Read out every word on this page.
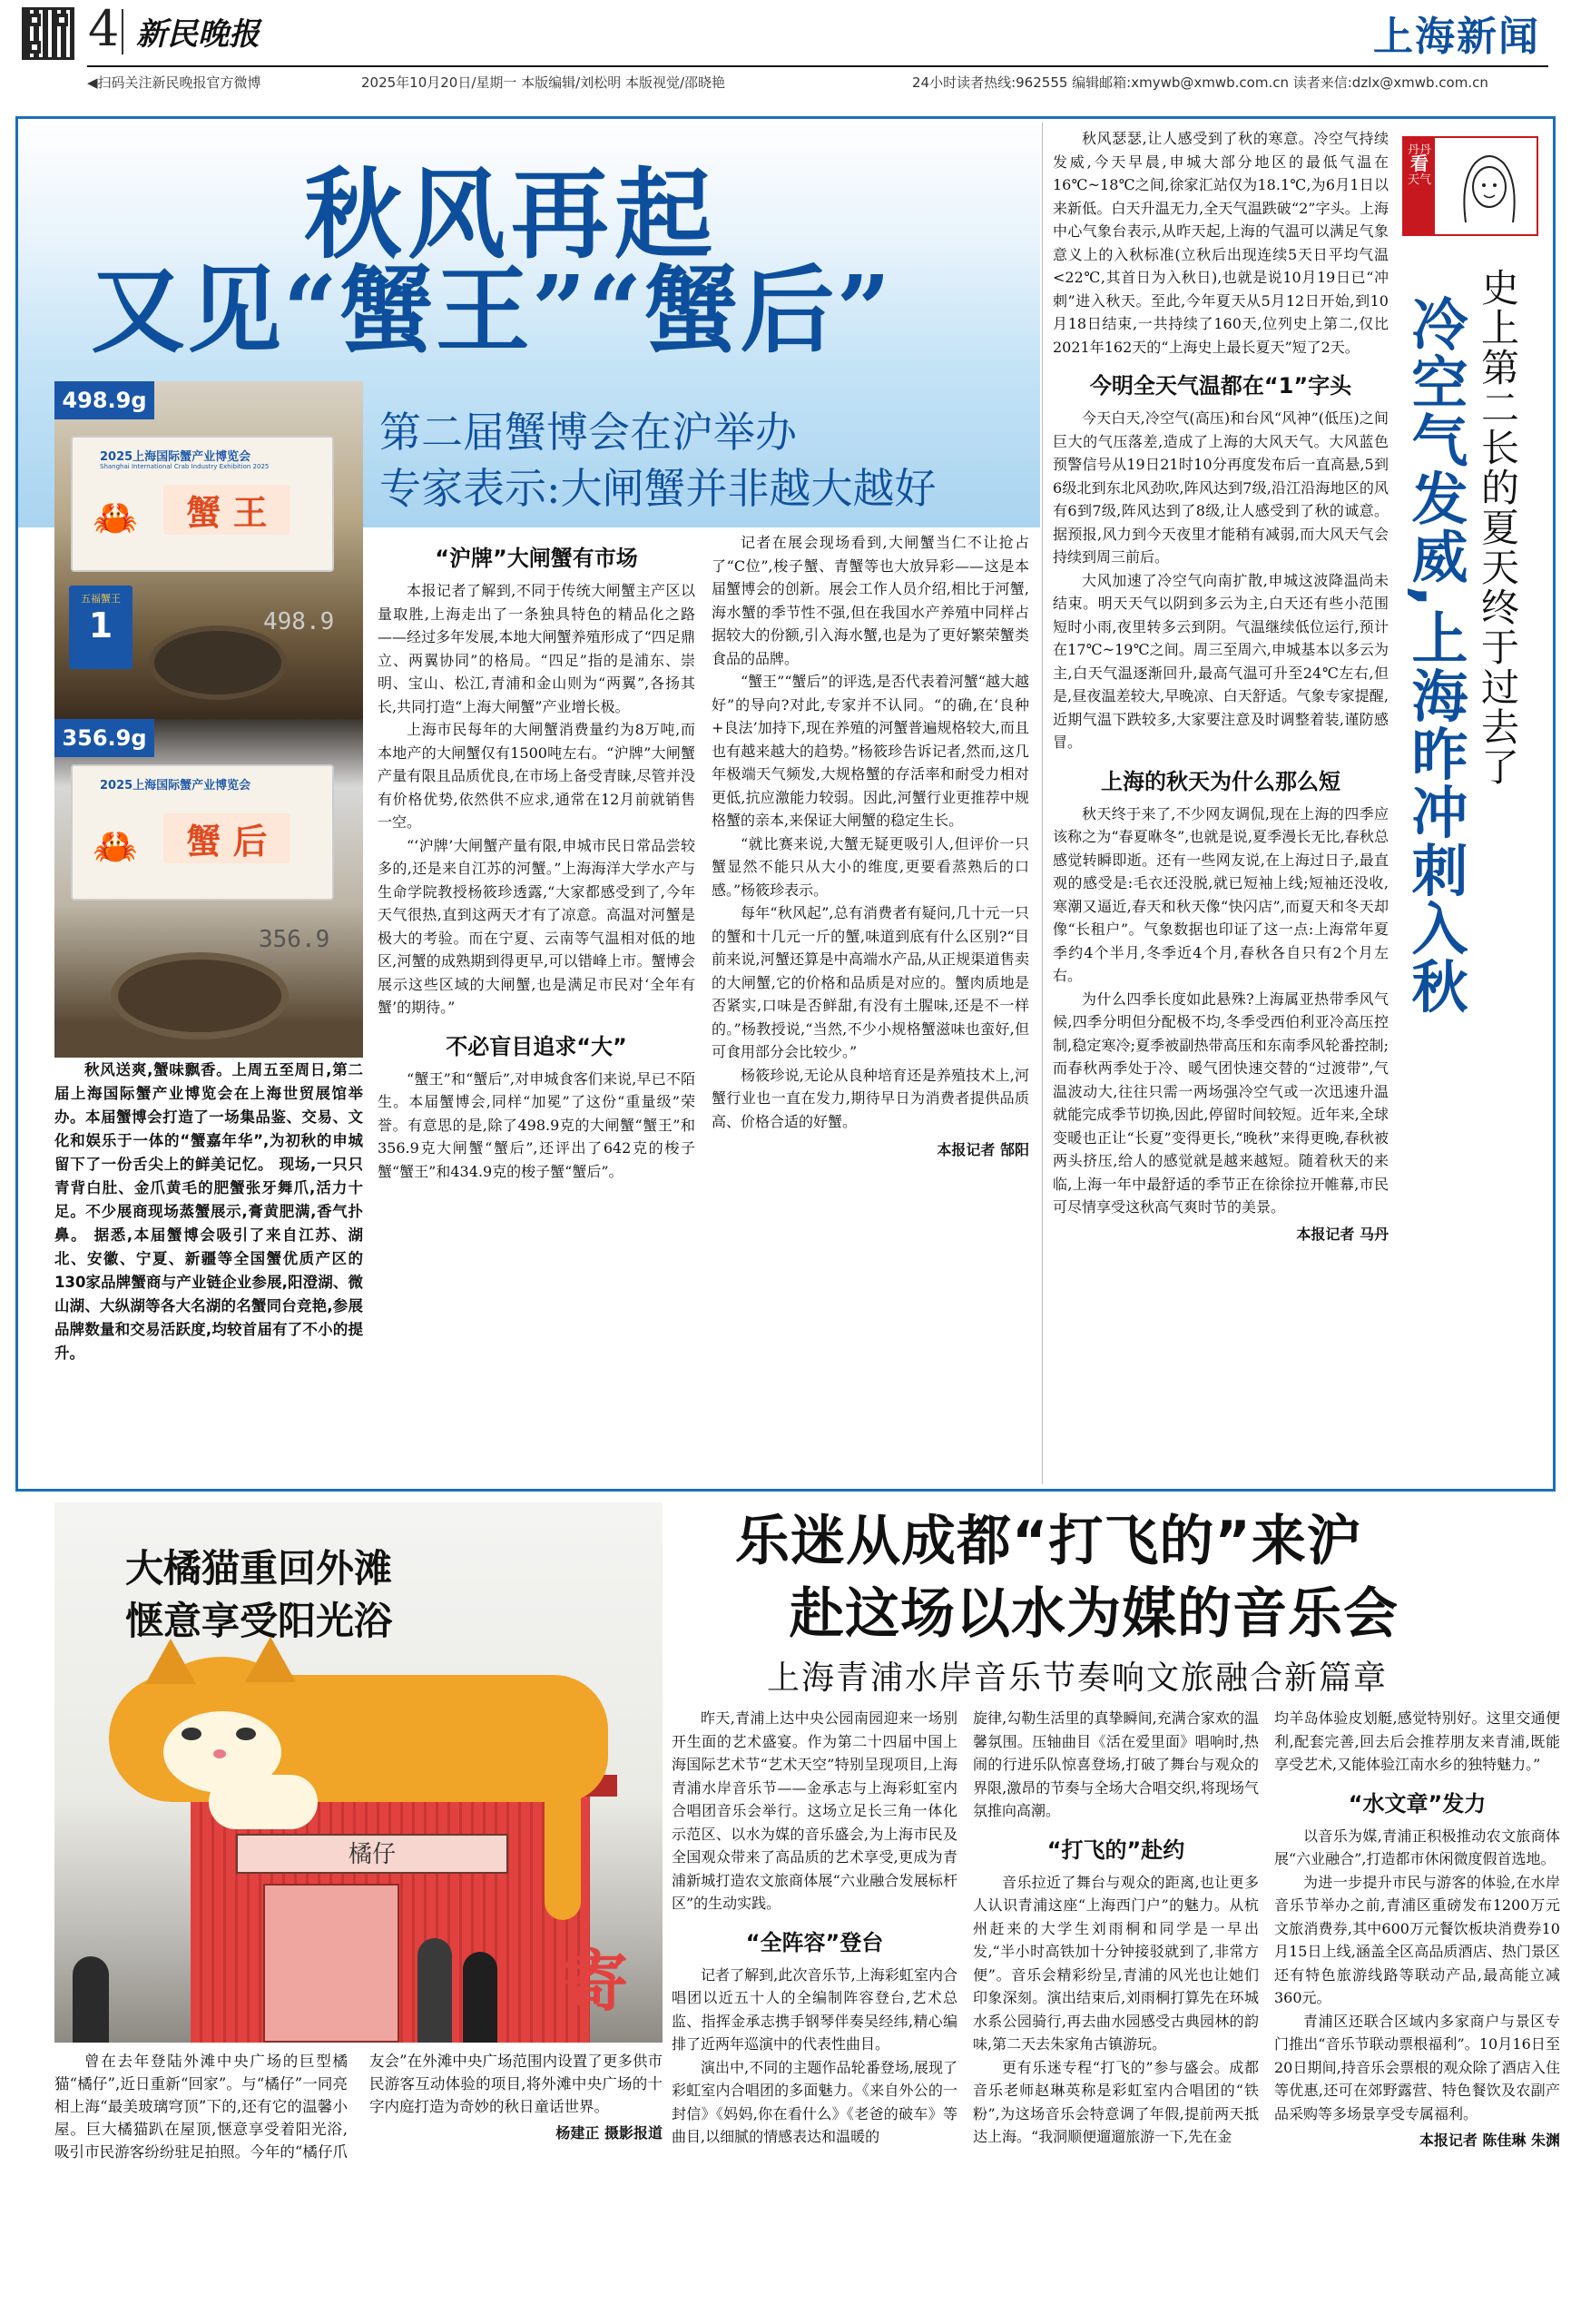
4 新民晚报	上海新闻
◀扫码关注新民晚报官方微博	2025年10月20日/星期一 本版编辑/刘松明 本版视觉/邵晓艳	24小时读者热线:962555 编辑邮箱:xmywb@xmwb.com.cn 读者来信:dzlx@xmwb.com.cn
秋风再起
又见“蟹王”“蟹后”
第二届蟹博会在沪举办
专家表示:大闸蟹并非越大越好
2025上海国际蟹产业博览会
Shanghai International Crab Industry Exhibition 2025
🦀	蟹 王
五福蟹王
1	498.9
498.9g
2025上海国际蟹产业博览会
🦀	蟹 后
356.9
356.9g

秋风送爽,蟹味飘香。上周五至周日,第二届上海国际蟹产业博览会在上海世贸展馆举办。本届蟹博会打造了一场集品鉴、交易、文化和娱乐于一体的“蟹嘉年华”,为初秋的申城留下了一份舌尖上的鲜美记忆。 现场,一只只青背白肚、金爪黄毛的肥蟹张牙舞爪,活力十足。不少展商现场蒸蟹展示,膏黄肥满,香气扑鼻。 据悉,本届蟹博会吸引了来自江苏、湖北、安徽、宁夏、新疆等全国蟹优质产区的130家品牌蟹商与产业链企业参展,阳澄湖、微山湖、大纵湖等各大名湖的名蟹同台竞艳,参展品牌数量和交易活跃度,均较首届有了不小的提升。

“沪牌”大闸蟹有市场

本报记者了解到,不同于传统大闸蟹主产区以量取胜,上海走出了一条独具特色的精品化之路——经过多年发展,本地大闸蟹养殖形成了“四足鼎立、两翼协同”的格局。“四足”指的是浦东、崇明、宝山、松江,青浦和金山则为“两翼”,各扬其长,共同打造“上海大闸蟹”产业增长极。

上海市民每年的大闸蟹消费量约为8万吨,而本地产的大闸蟹仅有1500吨左右。“沪牌”大闸蟹产量有限且品质优良,在市场上备受青睐,尽管并没有价格优势,依然供不应求,通常在12月前就销售一空。

“‘沪牌’大闸蟹产量有限,申城市民日常品尝较多的,还是来自江苏的河蟹。”上海海洋大学水产与生命学院教授杨筱珍透露,“大家都感受到了,今年天气很热,直到这两天才有了凉意。高温对河蟹是极大的考验。而在宁夏、云南等气温相对低的地区,河蟹的成熟期到得更早,可以错峰上市。蟹博会展示这些区域的大闸蟹,也是满足市民对‘全年有蟹’的期待。”

不必盲目追求“大”

“蟹王”和“蟹后”,对申城食客们来说,早已不陌生。本届蟹博会,同样“加冕”了这份“重量级”荣誉。有意思的是,除了498.9克的大闸蟹“蟹王”和356.9克大闸蟹“蟹后”,还评出了642克的梭子蟹“蟹王”和434.9克的梭子蟹“蟹后”。

记者在展会现场看到,大闸蟹当仁不让抢占了“C位”,梭子蟹、青蟹等也大放异彩——这是本届蟹博会的创新。展会工作人员介绍,相比于河蟹,海水蟹的季节性不强,但在我国水产养殖中同样占据较大的份额,引入海水蟹,也是为了更好繁荣蟹类食品的品牌。

“蟹王”“蟹后”的评选,是否代表着河蟹“越大越好”的导向?对此,专家并不认同。“的确,在‘良种+良法’加持下,现在养殖的河蟹普遍规格较大,而且也有越来越大的趋势。”杨筱珍告诉记者,然而,这几年极端天气频发,大规格蟹的存活率和耐受力相对更低,抗应激能力较弱。因此,河蟹行业更推荐中规格蟹的亲本,来保证大闸蟹的稳定生长。

“就比赛来说,大蟹无疑更吸引人,但评价一只蟹显然不能只从大小的维度,更要看蒸熟后的口感。”杨筱珍表示。

每年“秋风起”,总有消费者有疑问,几十元一只的蟹和十几元一斤的蟹,味道到底有什么区别?“目前来说,河蟹还算是中高端水产品,从正规渠道售卖的大闸蟹,它的价格和品质是对应的。蟹肉质地是否紧实,口味是否鲜甜,有没有土腥味,还是不一样的。”杨教授说,“当然,不少小规格蟹滋味也蛮好,但可食用部分会比较少。”

杨筱珍说,无论从良种培育还是养殖技术上,河蟹行业也一直在发力,期待早日为消费者提供品质高、价格合适的好蟹。

本报记者 郜阳

秋风瑟瑟,让人感受到了秋的寒意。冷空气持续发威,今天早晨,申城大部分地区的最低气温在16℃~18℃之间,徐家汇站仅为18.1℃,为6月1日以来新低。白天升温无力,全天气温跌破“2”字头。上海中心气象台表示,从昨天起,上海的气温可以满足气象意义上的入秋标准(立秋后出现连续5天日平均气温<22℃,其首日为入秋日),也就是说10月19日已“冲刺”进入秋天。至此,今年夏天从5月12日开始,到10月18日结束,一共持续了160天,位列史上第二,仅比2021年162天的“上海史上最长夏天”短了2天。

今明全天气温都在“1”字头

今天白天,冷空气(高压)和台风“风神”(低压)之间巨大的气压落差,造成了上海的大风天气。大风蓝色预警信号从19日21时10分再度发布后一直高悬,5到6级北到东北风劲吹,阵风达到7级,沿江沿海地区的风有6到7级,阵风达到了8级,让人感受到了秋的诚意。据预报,风力到今天夜里才能稍有减弱,而大风天气会持续到周三前后。

大风加速了冷空气向南扩散,申城这波降温尚未结束。明天天气以阴到多云为主,白天还有些小范围短时小雨,夜里转多云到阴。气温继续低位运行,预计在17℃~19℃之间。周三至周六,申城基本以多云为主,白天气温逐渐回升,最高气温可升至24℃左右,但是,昼夜温差较大,早晚凉、白天舒适。气象专家提醒,近期气温下跌较多,大家要注意及时调整着装,谨防感冒。

上海的秋天为什么那么短

秋天终于来了,不少网友调侃,现在上海的四季应该称之为“春夏咻冬”,也就是说,夏季漫长无比,春秋总感觉转瞬即逝。还有一些网友说,在上海过日子,最直观的感受是:毛衣还没脱,就已短袖上线;短袖还没收,寒潮又逼近,春天和秋天像“快闪店”,而夏天和冬天却像“长租户”。气象数据也印证了这一点:上海常年夏季约4个半月,冬季近4个月,春秋各自只有2个月左右。

为什么四季长度如此悬殊?上海属亚热带季风气候,四季分明但分配极不均,冬季受西伯利亚冷高压控制,稳定寒冷;夏季被副热带高压和东南季风轮番控制;而春秋两季处于冷、暖气团快速交替的“过渡带”,气温波动大,往往只需一两场强冷空气或一次迅速升温就能完成季节切换,因此,停留时间较短。近年来,全球变暖也正让“长夏”变得更长,“晚秋”来得更晚,春秋被两头挤压,给人的感觉就是越来越短。随着秋天的来临,上海一年中最舒适的季节正在徐徐拉开帷幕,市民可尽情享受这秋高气爽时节的美景。

本报记者 马丹
丹丹
看
天气
史上第二长的夏天终于过去了
冷空气发威,上海昨冲刺入秋
大橘猫重回外滩
惬意享受阳光浴
橘仔
寄

曾在去年登陆外滩中央广场的巨型橘猫“橘仔”,近日重新“回家”。与“橘仔”一同亮相上海“最美玻璃穹顶”下的,还有它的温馨小屋。巨大橘猫趴在屋顶,惬意享受着阳光浴,吸引市民游客纷纷驻足拍照。今年的“橘仔爪友会”在外滩中央广场范围内设置了更多供市民游客互动体验的项目,将外滩中央广场的十字内庭打造为奇妙的秋日童话世界。

杨建正 摄影报道
乐迷从成都“打飞的”来沪
赴这场以水为媒的音乐会
上海青浦水岸音乐节奏响文旅融合新篇章

昨天,青浦上达中央公园南园迎来一场别开生面的艺术盛宴。作为第二十四届中国上海国际艺术节“艺术天空”特别呈现项目,上海青浦水岸音乐节——金承志与上海彩虹室内合唱团音乐会举行。这场立足长三角一体化示范区、以水为媒的音乐盛会,为上海市民及全国观众带来了高品质的艺术享受,更成为青浦新城打造农文旅商体展“六业融合发展标杆区”的生动实践。

“全阵容”登台

记者了解到,此次音乐节,上海彩虹室内合唱团以近五十人的全编制阵容登台,艺术总监、指挥金承志携手钢琴伴奏吴经纬,精心编排了近两年巡演中的代表性曲目。

演出中,不同的主题作品轮番登场,展现了彩虹室内合唱团的多面魅力。《来自外公的一封信》《妈妈,你在看什么》《老爸的破车》等曲目,以细腻的情感表达和温暖的

旋律,勾勒生活里的真挚瞬间,充满合家欢的温馨氛围。压轴曲目《活在爱里面》唱响时,热闹的行进乐队惊喜登场,打破了舞台与观众的界限,激昂的节奏与全场大合唱交织,将现场气氛推向高潮。

“打飞的”赴约

音乐拉近了舞台与观众的距离,也让更多人认识青浦这座“上海西门户”的魅力。从杭州赶来的大学生刘雨桐和同学是一早出发,“半小时高铁加十分钟接驳就到了,非常方便”。音乐会精彩纷呈,青浦的风光也让她们印象深刻。演出结束后,刘雨桐打算先在环城水系公园骑行,再去曲水园感受古典园林的韵味,第二天去朱家角古镇游玩。

更有乐迷专程“打飞的”参与盛会。成都音乐老师赵琳英称是彩虹室内合唱团的“铁粉”,为这场音乐会特意调了年假,提前两天抵达上海。“我洞顺便遛遛旅游一下,先在金

均羊岛体验皮划艇,感觉特别好。这里交通便利,配套完善,回去后会推荐朋友来青浦,既能享受艺术,又能体验江南水乡的独特魅力。”

“水文章”发力

以音乐为媒,青浦正积极推动农文旅商体展“六业融合”,打造都市休闲微度假首选地。

为进一步提升市民与游客的体验,在水岸音乐节举办之前,青浦区重磅发布1200万元文旅消费券,其中600万元餐饮板块消费券10月15日上线,涵盖全区高品质酒店、热门景区还有特色旅游线路等联动产品,最高能立减360元。

青浦区还联合区域内多家商户与景区专门推出“音乐节联动票根福利”。10月16日至20日期间,持音乐会票根的观众除了酒店入住等优惠,还可在郊野露营、特色餐饮及农副产品采购等多场景享受专属福利。

本报记者 陈佳琳 朱渊
